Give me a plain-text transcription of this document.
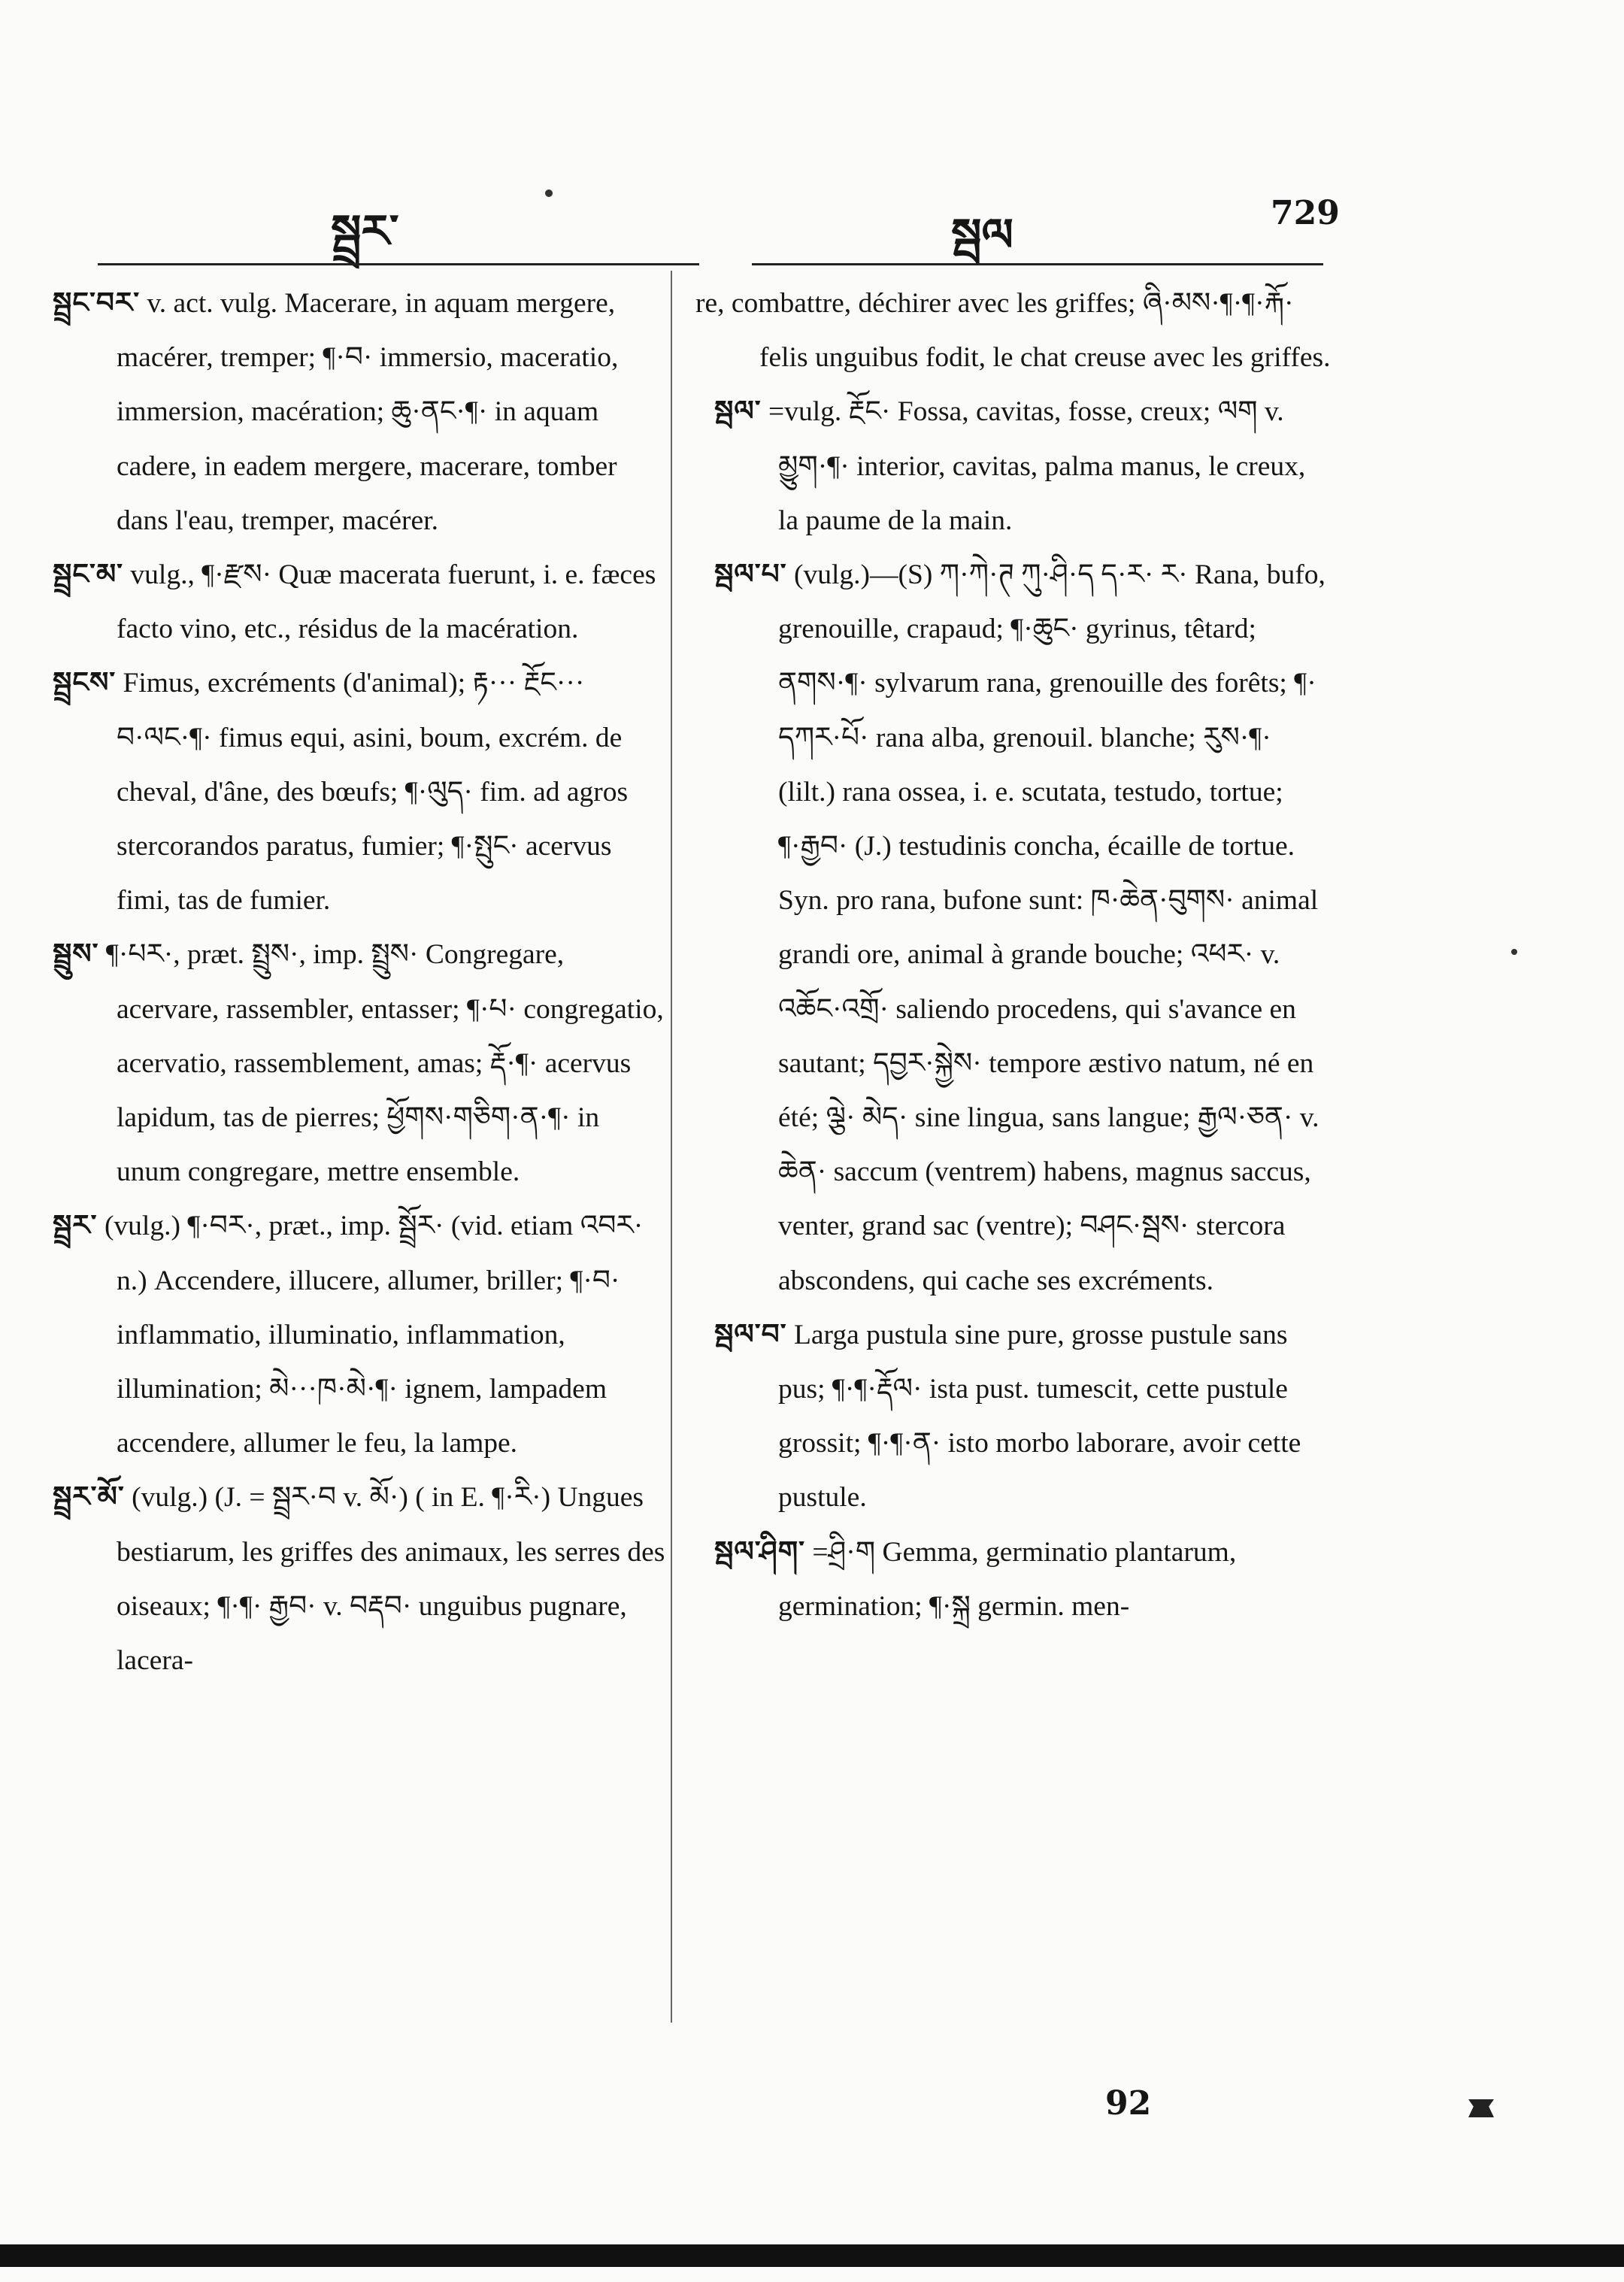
སྦྲར་	སྦལ	729

སྦྲང་བར་ v. act. vulg. Macerare, in aquam mergere, macérer, tremper; ¶·བ· immersio, maceratio, immersion, macération; ཆུ·ནང·¶· in aquam cadere, in eadem mergere, macerare, tomber dans l'eau, tremper, macérer.

སྦྲང་མ་ vulg., ¶·རྫས· Quæ macerata fuerunt, i. e. fæces facto vino, etc., résidus de la macération.

སྦྲངས་ Fimus, excréments (d'animal); རྟ··· རྔོང··· བ·ལང·¶· fimus equi, asini, boum, excrém. de cheval, d'âne, des bœufs; ¶·ལུད· fim. ad agros stercorandos paratus, fumier; ¶·སྤུང· acervus fimi, tas de fumier.

སྦྲུས་ ¶·པར·, præt. སྤྲུས·, imp. སྤྲུས· Congregare, acervare, rassembler, entasser; ¶·པ· congregatio, acervatio, rassemblement, amas; རྡོ·¶· acervus lapidum, tas de pierres; ཕྱོགས·གཅིག·ན·¶· in unum congregare, mettre ensemble.

སྦྲར་ (vulg.) ¶·བར·, præt., imp. སྦྲོར· (vid. etiam འབར· n.) Accendere, illucere, allumer, briller; ¶·བ· inflammatio, illuminatio, inflammation, illumination; མེ···ཁ·མེ·¶· ignem, lampadem accendere, allumer le feu, la lampe.

སྦྲར་མོ་ (vulg.) (J. = སྦྲར·བ v. མོ·) ( in E. ¶·རི·) Ungues bestiarum, les griffes des animaux, les serres des oiseaux; ¶·¶· རྒྱབ· v. བརྡབ· unguibus pugnare, lacera-

re, combattre, déchirer avec les griffes; ཞི·མས·¶·¶·རྐོ· felis unguibus fodit, le chat creuse avec les griffes.

སྦལ་ =vulg. རྔོང· Fossa, cavitas, fosse, creux; ལག v. མྱུག·¶· interior, cavitas, palma manus, le creux, la paume de la main.

སྦལ་པ་ (vulg.)—(S) ཀ·ཀེ·ཊ ཀུ·ཤི·ད ད·ར· ར· Rana, bufo, grenouille, crapaud; ¶·ཆུང· gyrinus, têtard; ནགས·¶· sylvarum rana, grenouille des forêts; ¶· དཀར·པོ· rana alba, grenouil. blanche; རུས·¶· (lilt.) rana ossea, i. e. scutata, testudo, tortue; ¶·རྒྱབ· (J.) testudinis concha, écaille de tortue. Syn. pro rana, bufone sunt: ཁ·ཆེན·བུགས· animal grandi ore, animal à grande bouche; འཕར· v. འཆོང·འགྲོ· saliendo procedens, qui s'avance en sautant; དབྱར·སྐྱེས· tempore æstivo natum, né en été; ལྕེ· མེད· sine lingua, sans langue; རྒྱལ·ཅན· v. ཆེན· saccum (ventrem) habens, magnus saccus, venter, grand sac (ventre); བཤང·སྦས· stercora abscondens, qui cache ses excréments.

སྦལ་བ་ Larga pustula sine pure, grosse pustule sans pus; ¶·¶·རྡོལ· ista pust. tumescit, cette pustule grossit; ¶·¶·ན· isto morbo laborare, avoir cette pustule.

སྦལ་ཤིག་ =ཤྲི·ག Gemma, germinatio plantarum, germination; ¶·སྐྲ germin. men-

92
